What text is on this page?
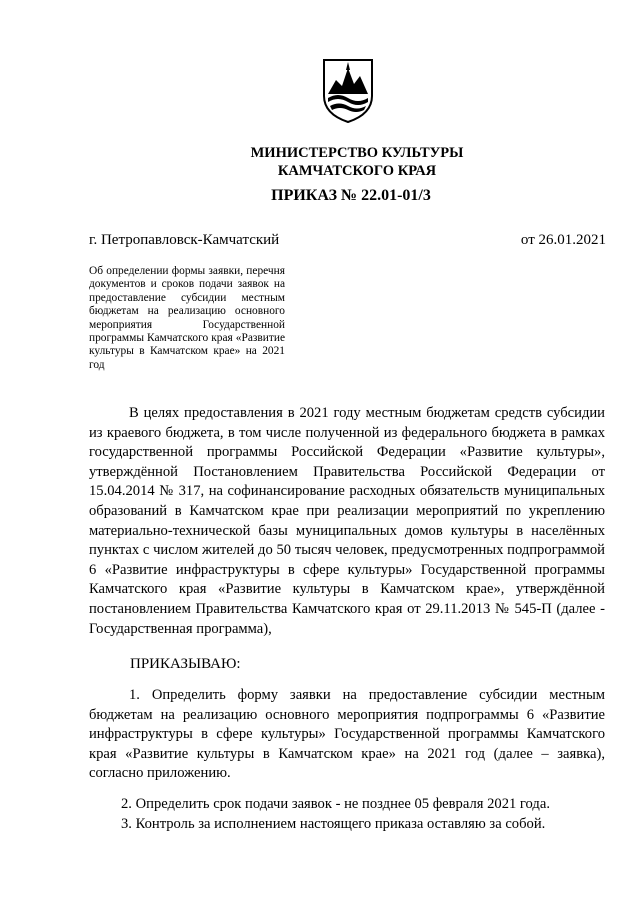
МИНИСТЕРСТВО КУЛЬТУРЫ
КАМЧАТСКОГО КРАЯ
ПРИКАЗ № 22.01-01/3
г. Петропавловск-Камчатский	от 26.01.2021
Об определении формы заявки, перечня документов и сроков подачи заявок на предоставление субсидии местным бюджетам на реализацию основного мероприятия Государственной программы Камчатского края «Развитие культуры в Камчатском крае» на 2021 год

В целях предоставления в 2021 году местным бюджетам средств субсидии из краевого бюджета, в том числе полученной из федерального бюджета в рамках государственной программы Российской Федерации «Развитие культуры», утверждённой Постановлением Правительства Российской Федерации от 15.04.2014 № 317, на софинансирование расходных обязательств муниципальных образований в Камчатском крае при реализации мероприятий по укреплению материально-технической базы муниципальных домов культуры в населённых пунктах с числом жителей до 50 тысяч человек, предусмотренных подпрограммой 6 «Развитие инфраструктуры в сфере культуры» Государственной программы Камчатского края «Развитие культуры в Камчатском крае», утверждённой постановлением Правительства Камчатского края от 29.11.2013 № 545-П (далее - Государственная программа),

ПРИКАЗЫВАЮ:

1. Определить форму заявки на предоставление субсидии местным бюджетам на реализацию основного мероприятия подпрограммы 6 «Развитие инфраструктуры в сфере культуры» Государственной программы Камчатского края «Развитие культуры в Камчатском крае» на 2021 год (далее – заявка), согласно приложению.

2. Определить срок подачи заявок - не позднее 05 февраля 2021 года.
3. Контроль за исполнением настоящего приказа оставляю за собой.
